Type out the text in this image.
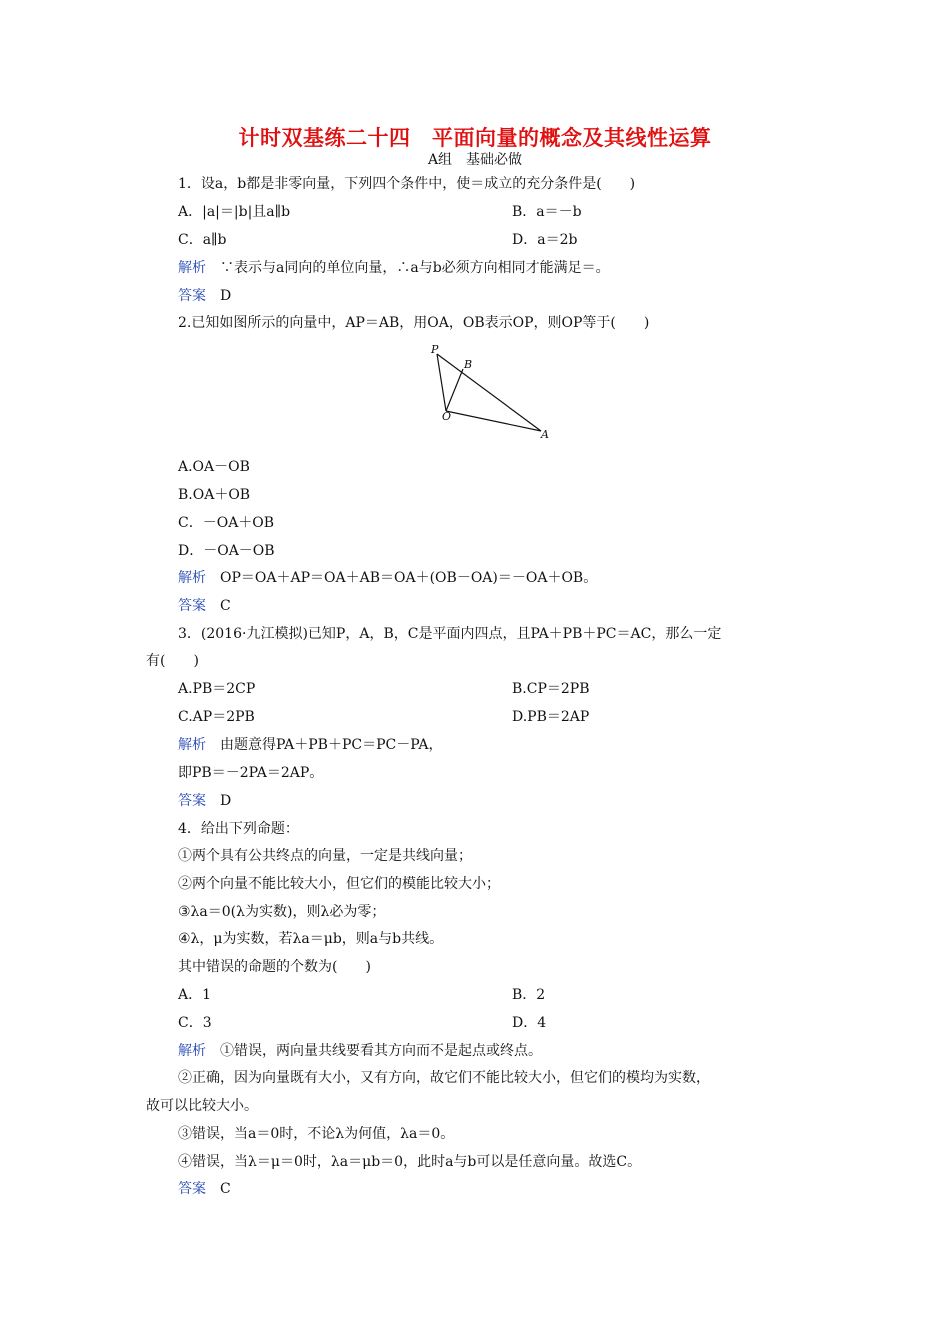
计时双基练二十四　平面向量的概念及其线性运算
A组　基础必做
1．设a，b都是非零向量，下列四个条件中，使＝成立的充分条件是(　　)
A．|a|＝|b|且a∥b	B．a＝－b
C．a∥b	D．a＝2b
解析 ∵表示与a同向的单位向量，∴a与b必须方向相同才能满足＝。
答案 D
2.已知如图所示的向量中，AP＝AB，用OA，OB表示OP，则OP等于(　　)
P
B
O
A
A.OA－OB
B.OA＋OB
C．－OA＋OB
D．－OA－OB
解析 OP＝OA＋AP＝OA＋AB＝OA＋(OB－OA)＝－OA＋OB。
答案 C
3．(2016·九江模拟)已知P，A，B，C是平面内四点，且PA＋PB＋PC＝AC，那么一定
有(　　)
A.PB＝2CP	B.CP＝2PB
C.AP＝2PB	D.PB＝2AP
解析 由题意得PA＋PB＋PC＝PC－PA，
即PB＝－2PA＝2AP。
答案 D
4．给出下列命题：
①两个具有公共终点的向量，一定是共线向量；
②两个向量不能比较大小，但它们的模能比较大小；
③λa＝0(λ为实数)，则λ必为零；
④λ，μ为实数，若λa＝μb，则a与b共线。
其中错误的命题的个数为(　　)
A．1	B．2
C．3	D．4
解析 ①错误，两向量共线要看其方向而不是起点或终点。
②正确，因为向量既有大小，又有方向，故它们不能比较大小，但它们的模均为实数，
故可以比较大小。
③错误，当a＝0时，不论λ为何值，λa＝0。
④错误，当λ＝μ＝0时，λa＝μb＝0，此时a与b可以是任意向量。故选C。
答案 C
